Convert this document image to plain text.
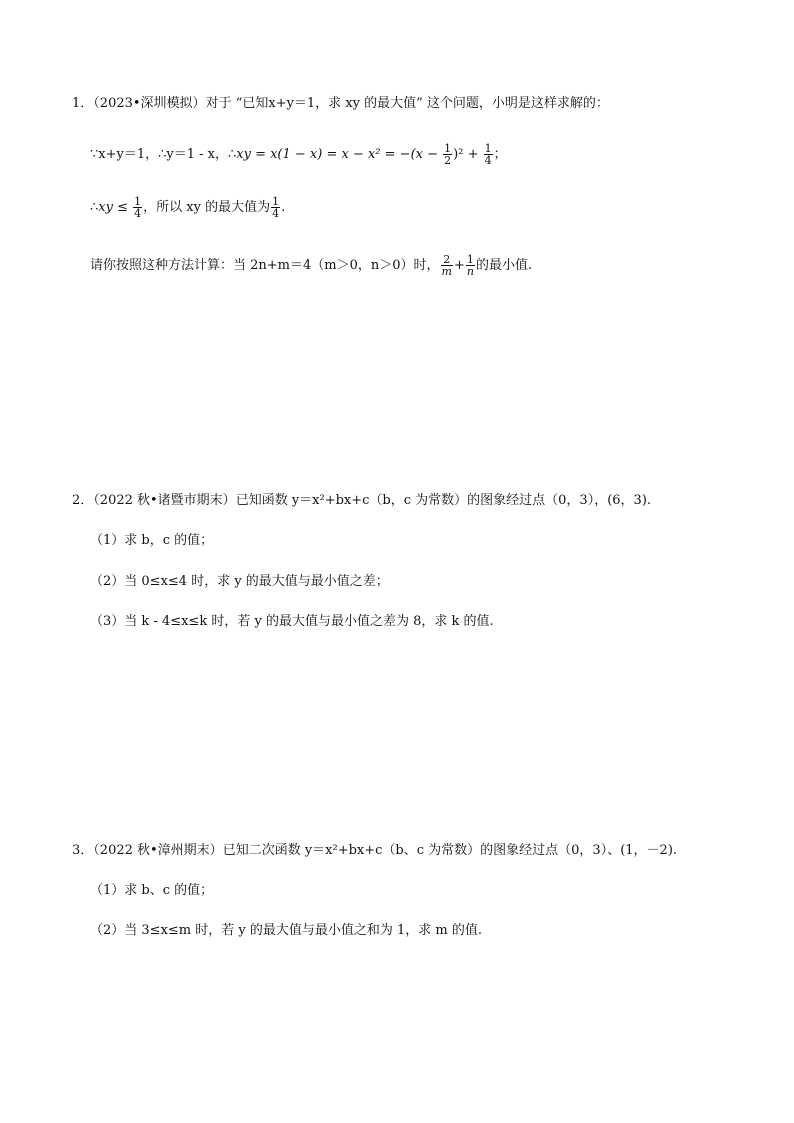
1．（2023•深圳模拟）对于 “已知x+y＝1，求 xy 的最大值” 这个问题，小明是这样求解的：
∵x+y＝1，∴y＝1 - x，∴xy = $x(1 - x) = x - x^2 = -(x - \frac{1}{2} )^2 + \frac{1}{4}$ ；
∴xy ≤ $\frac{1}{4}$ ，所以 xy 的最大值为 $\frac{1}{4}$ .
请你按照这种方法计算：当 2n+m＝4（m＞0，n＞0）时， $\frac{2}{m} + \frac{1}{n}$ 的最小值.
2．（2022 秋•诸暨市期末）已知函数 y＝x²+bx+c（b，c 为常数）的图象经过点（0，3），(6，3).
（1）求 b，c 的值；
（2）当 0≤x≤4 时，求 y 的最大值与最小值之差；
（3）当 k - 4≤x≤k 时，若 y 的最大值与最小值之差为 8，求 k 的值.
3．（2022 秋•漳州期末）已知二次函数 y＝x²+bx+c（b、c 为常数）的图象经过点（0，3）、(1，－2).
（1）求 b、c 的值；
（2）当 3≤x≤m 时，若 y 的最大值与最小值之和为 1，求 m 的值.
